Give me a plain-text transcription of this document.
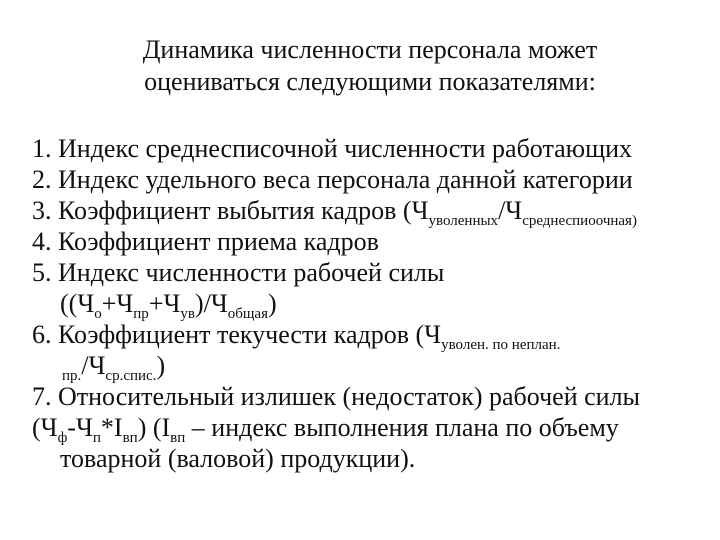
Динамика численности персонала может
оцениваться следующими показателями:
1. Индекс среднесписочной численности работающих
2. Индекс удельного веса персонала данной категории
3. Коэффициент выбытия кадров ($Ч_{уволенных}/Ч_{среднеспиоочная)}$
4. Коэффициент приема кадров
5. Индекс численности рабочей силы
$((Ч_о+Ч_{пр}+Ч_{ув})/Ч_{общая})$
6. Коэффициент текучести кадров ($Ч_{уволен. по неплан.}$
$_{пр.}/Ч_{ср.спис.}$)
7. Относительный излишек (недостаток) рабочей силы
$(Ч_ф-Ч_п*I_{вп})$ ($I_{вп}$ – индекс выполнения плана по объему
товарной (валовой) продукции).
